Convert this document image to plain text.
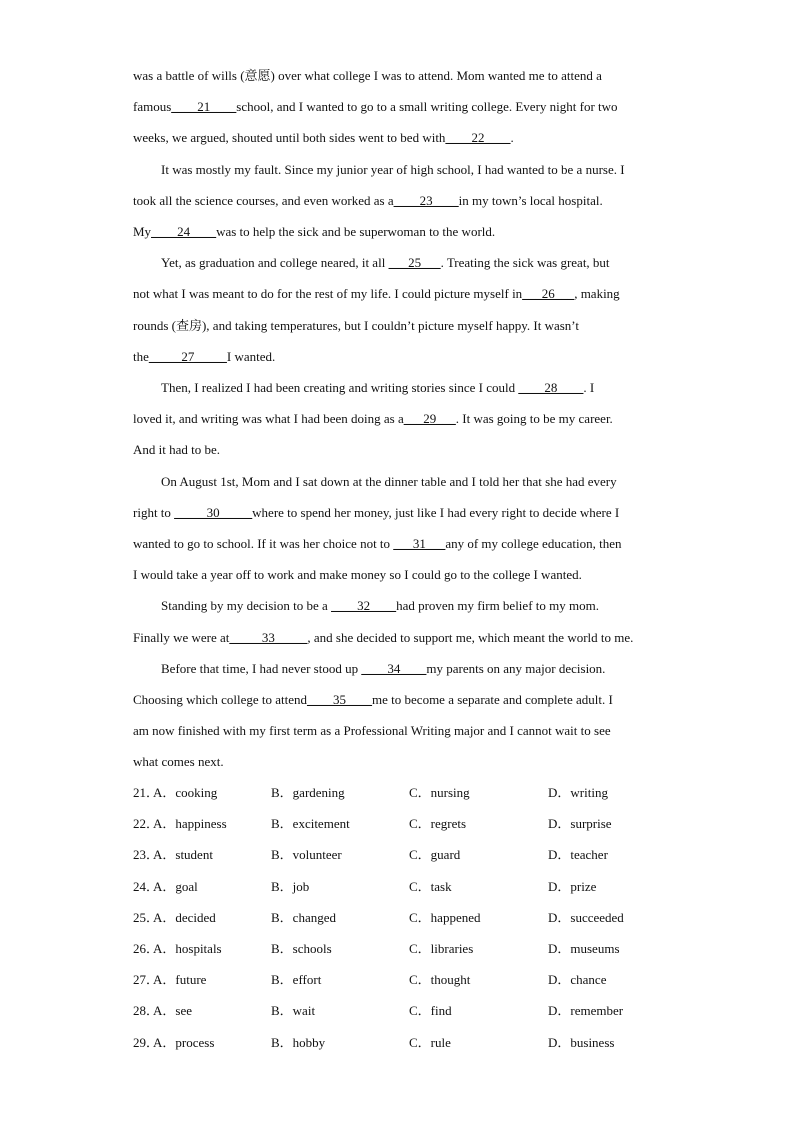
was a battle of wills (意愿) over what college I was to attend. Mom wanted me to attend a
famous____21____school, and I wanted to go to a small writing college. Every night for two
weeks, we argued, shouted until both sides went to bed with____22____.
It was mostly my fault. Since my junior year of high school, I had wanted to be a nurse. I
took all the science courses, and even worked as a____23____in my town’s local hospital.
My____24____was to help the sick and be superwoman to the world.
Yet, as graduation and college neared, it all ___25___. Treating the sick was great, but
not what I was meant to do for the rest of my life. I could picture myself in___26___, making
rounds (查房), and taking temperatures, but I couldn’t picture myself happy. It wasn’t
the_____27_____I wanted.
Then, I realized I had been creating and writing stories since I could ____28____. I
loved it, and writing was what I had been doing as a___29___. It was going to be my career.
And it had to be.
On August 1st, Mom and I sat down at the dinner table and I told her that she had every
right to _____30_____where to spend her money, just like I had every right to decide where I
wanted to go to school. If it was her choice not to ___31___any of my college education, then
I would take a year off to work and make money so I could go to the college I wanted.
Standing by my decision to be a ____32____had proven my firm belief to my mom.
Finally we were at_____33_____, and she decided to support me, which meant the world to me.
Before that time, I had never stood up ____34____my parents on any major decision.
Choosing which college to attend____35____me to become a separate and complete adult. I
am now finished with my first term as a Professional Writing major and I cannot wait to see
what comes next.
21．
A．cooking	B．gardening	C．nursing	D．writing
22．
A．happiness	B．excitement	C．regrets	D．surprise
23．
A．student	B．volunteer	C．guard	D．teacher
24．
A．goal	B．job	C．task	D．prize
25．
A．decided	B．changed	C．happened	D．succeeded
26．
A．hospitals	B．schools	C．libraries	D．museums
27．
A．future	B．effort	C．thought	D．chance
28．
A．see	B．wait	C．find	D．remember
29．
A．process	B．hobby	C．rule	D．business
